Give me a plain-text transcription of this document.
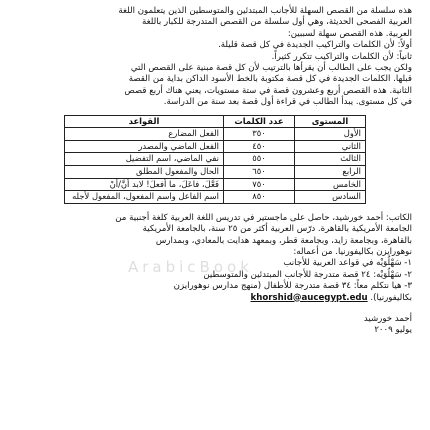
هذه سلسلة من القصص السهلة للأجانب المبتدئين والمتوسطين الذين يتعلمون اللغة

العربية الفصحى الحديثة، وهي أول سلسلة من القصص المتدرجة للكبار باللغة

العربية. هذه القصص سهلة لسببين:

أولاً: لأن الكلمات والتراكيب الجديدة في كل قصة قليلة.

ثانياً: لأن الكلمات والتراكيب تتكرر كثيراً.

ولكن يجب على الطالب أن يقرأها بالترتيب لأن كل قصة مبنية على القصص التي

قبلها. الكلمات الجديدة في كل قصة مكتوبة بالخط الأسود الداكن بداية من القصة

الثانية. هذه القصص أربع وعشرون قصة في ستة مستويات، يعني هناك أربع قصص

في كل مستوى. يبدأ الطالب في قراءة أول قصة بعد سنة من الدراسة.

المستوى	عدد الكلمات	القواعد
الأول	٣٥٠	الفعل المضارع
الثاني	٤٥٠	الفعل الماضي والمصدر
الثالث	٥٥٠	نفي الماضي، اسم التفضيل
الرابع	٦٥٠	الحال والمفعول المطلق
الخامس	٧٥٠	فَعَّلَ، فاعَلَ، ما أفعلَ! لابد أنَّ/أنْ
السادس	٨٥٠	اسم الفاعل واسم المفعول، المفعول لأجله

الكاتب: أحمد خورشيد، حاصل على ماجستير في تدريس اللغة العربية كلغة أجنبية من

الجامعة الأمريكية بالقاهرة. درّس العربية أكثر من ٢٥ سنة، بالجامعة الأمريكية

بالقاهرة، وبجامعة زايد، وبجامعة قطر، وبمعهد هدايت بالمعادي، وبمدارس

نوهورايزن بكاليفورنيا. من أعماله:

١- سَهْلُوَيْه في قواعد العربية للأجانب

٢- سَهْلُوَيْه: ٢٤ قصة متدرجة للأجانب المبتدئين والمتوسطين

٣- هيا نتكلم معاً: ٣٤ قصة متدرجة للأطفال (منهج مدارس نوهورايزن

بكاليفورنيا). khorshid@aucegypt.edu

أحمد خورشيد

يوليو ٢٠٠٩

ArabicBook
